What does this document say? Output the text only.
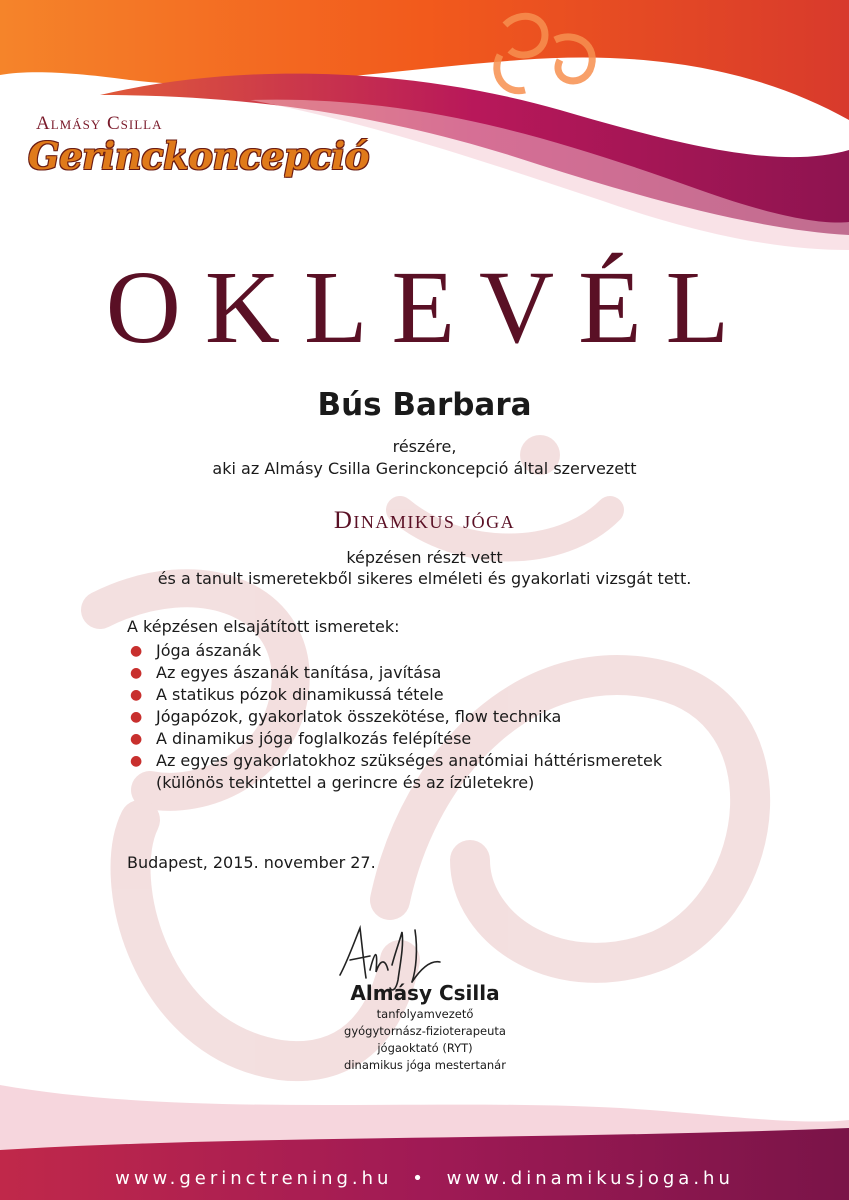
Almásy Csilla
Gerinckoncepció
OKLEVÉL
Bús Barbara
részére,
aki az Almásy Csilla Gerinckoncepció által szervezett
Dinamikus jóga
képzésen részt vett
és a tanult ismeretekből sikeres elméleti és gyakorlati vizsgát tett.
A képzésen elsajátított ismeretek:
● Jóga ászanák
● Az egyes ászanák tanítása, javítása
● A statikus pózok dinamikussá tétele
● Jógapózok, gyakorlatok összekötése, flow technika
● A dinamikus jóga foglalkozás felépítése
● Az egyes gyakorlatokhoz szükséges anatómiai háttérismeretek
(különös tekintettel a gerincre és az ízületekre)
Budapest, 2015. november 27.
Almásy Csilla
tanfolyamvezető
gyógytornász-fizioterapeuta
jógaoktató (RYT)
dinamikus jóga mestertanár
www.gerinctrening.hu • www.dinamikusjoga.hu
